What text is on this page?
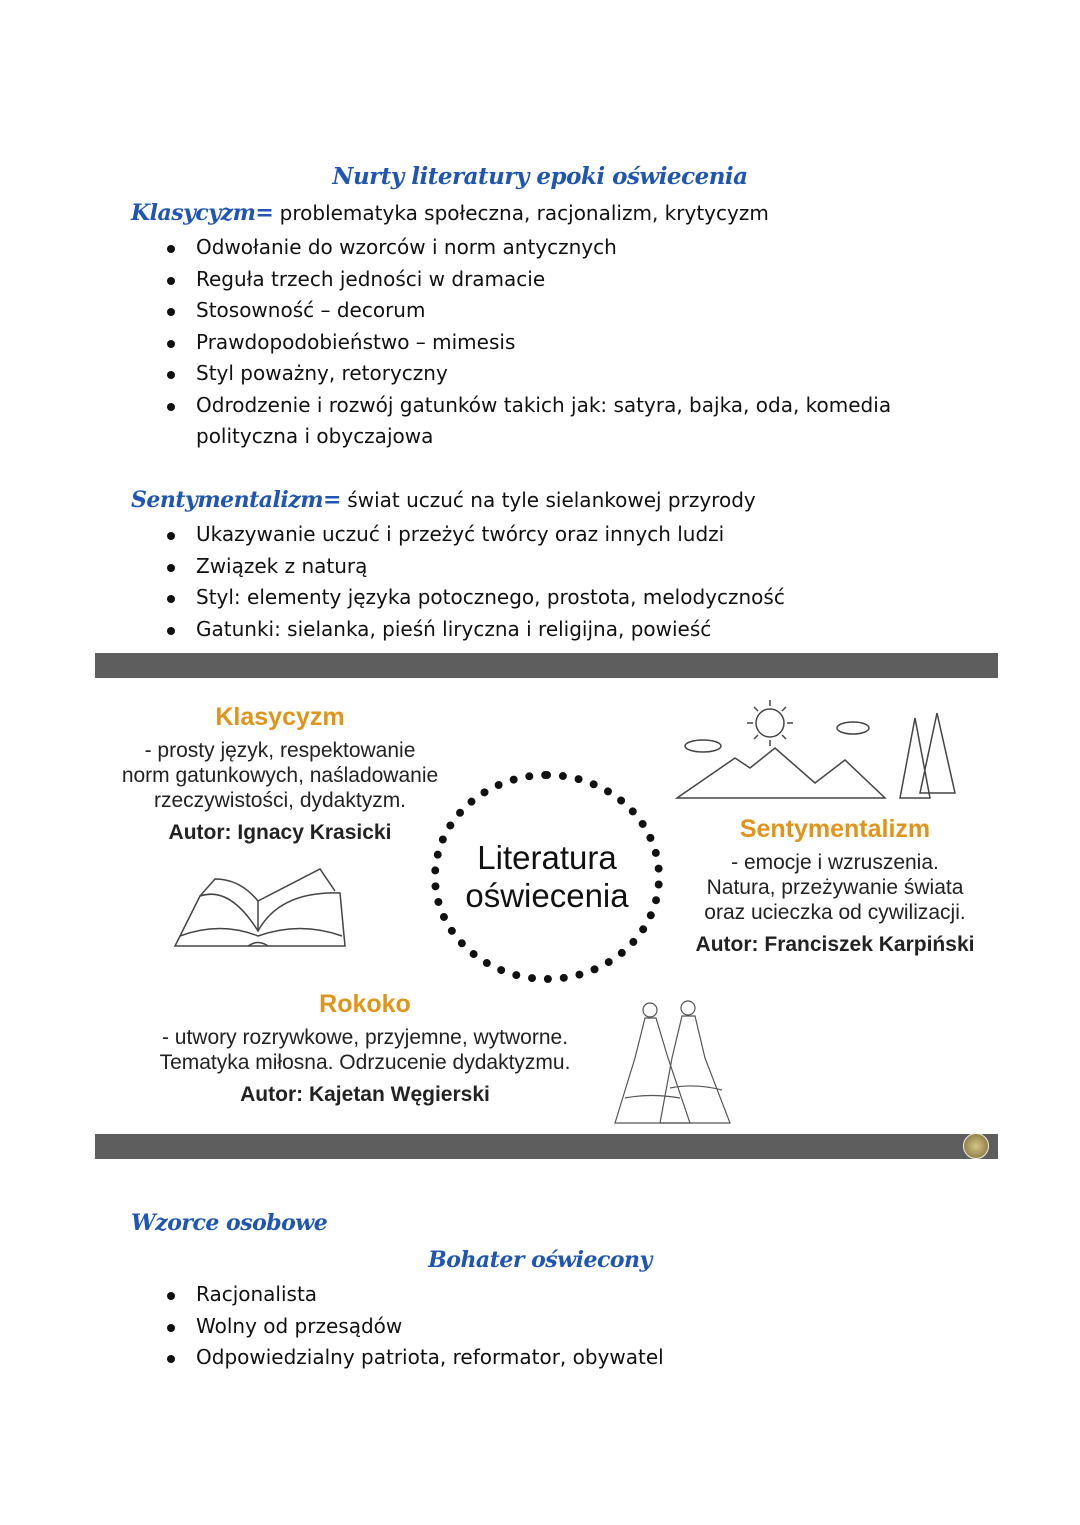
Nurty literatury epoki oświecenia
Klasycyzm= problematyka społeczna, racjonalizm, krytycyzm
Odwołanie do wzorców i norm antycznych
Reguła trzech jedności w dramacie
Stosowność – decorum
Prawdopodobieństwo – mimesis
Styl poważny, retoryczny
Odrodzenie i rozwój gatunków takich jak: satyra, bajka, oda, komedia polityczna i obyczajowa
Sentymentalizm= świat uczuć na tyle sielankowej przyrody
Ukazywanie uczuć i przeżyć twórcy oraz innych ludzi
Związek z naturą
Styl: elementy języka potocznego, prostota, melodyczność
Gatunki: sielanka, pieśń liryczna i religijna, powieść
Klasycyzm
- prosty język, respektowanie
norm gatunkowych, naśladowanie
rzeczywistości, dydaktyzm.
Autor: Ignacy Krasicki
Literatura
oświecenia
Sentymentalizm
- emocje i wzruszenia.
Natura, przeżywanie świata
oraz ucieczka od cywilizacji.
Autor: Franciszek Karpiński
Rokoko
- utwory rozrywkowe, przyjemne, wytworne.
Tematyka miłosna. Odrzucenie dydaktyzmu.
Autor: Kajetan Węgierski
Wzorce osobowe
Bohater oświecony
Racjonalista
Wolny od przesądów
Odpowiedzialny patriota, reformator, obywatel
